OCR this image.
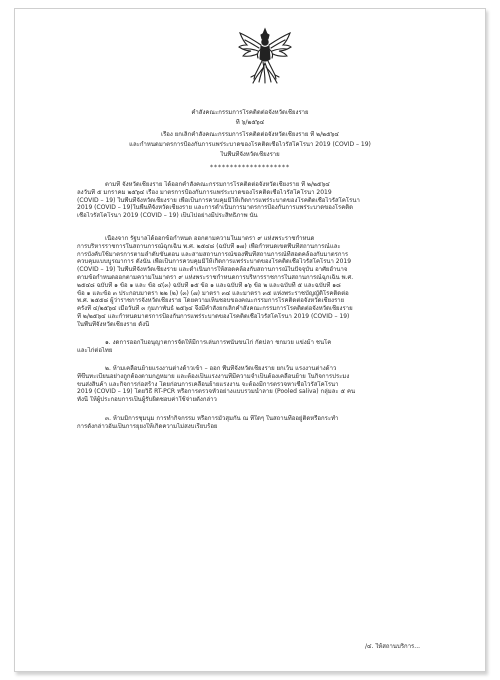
คำสั่งคณะกรรมการโรคติดต่อจังหวัดเชียงราย
ที่ ๖/๒๕๖๔
เรื่อง ยกเลิกคำสั่งคณะกรรมการโรคติดต่อจังหวัดเชียงราย ที่ ๒/๒๕๖๔
และกำหนดมาตรการป้องกันการแพร่ระบาดของโรคติดเชื้อไวรัสโคโรนา 2019 (COVID – 19)
ในพื้นที่จังหวัดเชียงราย
********************
ตามที่ จังหวัดเชียงราย ได้ออกคำสั่งคณะกรรมการโรคติดต่อจังหวัดเชียงราย ที่ ๒/๒๕๖๔
ลงวันที่ ๕ มกราคม ๒๕๖๔ เรื่อง มาตรการป้องกันการแพร่ระบาดของโรคติดเชื้อไวรัสโคโรนา 2019
(COVID – 19) ในพื้นที่จังหวัดเชียงราย เพื่อเป็นการควบคุมมิให้เกิดการแพร่ระบาดของโรคติดเชื้อไวรัสโคโรนา
2019 (COVID – 19)ในพื้นที่จังหวัดเชียงราย และการดำเนินการมาตรการป้องกันการแพร่ระบาดของโรคติด
เชื้อไวรัสโคโรนา 2019 (COVID – 19) เป็นไปอย่างมีประสิทธิภาพ นั้น
เนื่องจาก รัฐบาลได้ออกข้อกำหนด ออกตามความในมาตรา ๙ แห่งพระราชกำหนด
การบริหารราชการในสถานการณ์ฉุกเฉิน พ.ศ. ๒๕๔๘ (ฉบับที่ ๑๗) เพื่อกำหนดเขตพื้นที่สถานการณ์และ
การบังคับใช้มาตรการตามลำดับขั้นตอน และสามสถานการณ์ของพื้นที่สถานการณ์ที่สอดคล้องกับมาตรการ
ควบคุมแบบบูรณาการ ดังนั้น เพื่อเป็นการควบคุมมิให้เกิดการแพร่ระบาดของโรคติดเชื้อไวรัสโคโรนา 2019
(COVID – 19) ในพื้นที่จังหวัดเชียงราย และดำเนินการให้สอดคล้องกับสถานการณ์ในปัจจุบัน อาศัยอำนาจ
ตามข้อกำหนดออกตามความในมาตรา ๙ แห่งพระราชกำหนดการบริหารราชการในสถานการณ์ฉุกเฉิน พ.ศ.
๒๕๔๘ ฉบับที่ ๑ ข้อ ๑ และ ข้อ ๔(๓) ฉบับที่ ๑๕ ข้อ ๑ และฉบับที่ ๑๖ ข้อ ๒ และฉบับที่ ๕ และฉบับที่ ๑๘
ข้อ ๑ และข้อ ๓ ประกอบมาตรา ๒๒ (๒) (๓) (๗) มาตรา ๓๔ และมาตรา ๓๕ แห่งพระราชบัญญัติโรคติดต่อ
พ.ศ. ๒๕๕๘ ผู้ว่าราชการจังหวัดเชียงราย โดยความเห็นชอบของคณะกรรมการโรคติดต่อจังหวัดเชียงราย
ครั้งที่ ๔/๒๕๖๔ เมื่อวันที่ ๓ กุมภาพันธ์ ๒๕๖๔ จึงมีคำสั่งยกเลิกคำสั่งคณะกรรมการโรคติดต่อจังหวัดเชียงราย
ที่ ๒/๒๕๖๔ และกำหนดมาตรการป้องกันการแพร่ระบาดของโรคติดเชื้อไวรัสโคโรนา 2019 (COVID – 19)
ในพื้นที่จังหวัดเชียงราย ดังนี้
๑. งดการออกใบอนุญาตการจัดให้มีการเล่นการพนันขนไก่ กัดปลา ชกมวย แข่งม้า ชนโค
และไก่ต่อไทย
๒. ห้ามเคลื่อนย้ายแรงงานต่างด้าวเข้า – ออก พื้นที่จังหวัดเชียงราย ยกเว้น แรงงานต่างด้าว
ที่ขึ้นทะเบียนอย่างถูกต้องตามกฎหมาย และต้องเป็นแรงงานที่มีความจำเป็นต้องเคลื่อนย้าย ในกิจการประมง
ขนส่งสินค้า และกิจการก่อสร้าง โดยก่อนการเคลื่อนย้ายแรงงาน จะต้องมีการตรวจหาเชื้อไวรัสโคโรนา
2019 (COVID – 19) โดยวิธี RT-PCR หรือการตรวจหัวอย่างแบบรวมน้ำลาย (Pooled saliva) กลุ่มละ ๕ คน
ทั้งนี้ ให้ผู้ประกอบการเป็นผู้รับผิดชอบค่าใช้จ่ายดังกล่าว
๓. ห้ามมิการชุมนุม การทำกิจกรรม หรือการมั่วสุมกัน ณ ที่ใดๆ ในสถานที่ออยู่ติดหรือกระทำ
การดังกล่าวอันเป็นการยุยงให้เกิดความไม่สงบเรียบร้อย
/๔. ให้สถานบริการ...
